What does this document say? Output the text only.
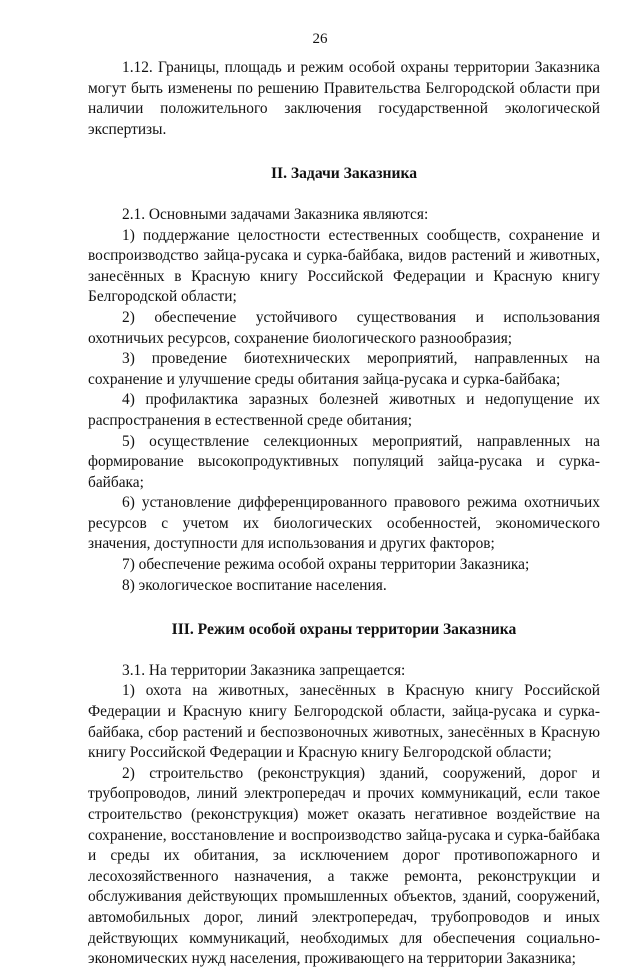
26

1.12. Границы, площадь и режим особой охраны территории Заказника могут быть изменены по решению Правительства Белгородской области при наличии положительного заключения государственной экологической экспертизы.

II. Задачи Заказника

2.1. Основными задачами Заказника являются:

1) поддержание целостности естественных сообществ, сохранение и воспроизводство зайца-русака и сурка-байбака, видов растений и животных, занесённых в Красную книгу Российской Федерации и Красную книгу Белгородской области;

2) обеспечение устойчивого существования и использования охотничьих ресурсов, сохранение биологического разнообразия;

3) проведение биотехнических мероприятий, направленных на сохранение и улучшение среды обитания зайца-русака и сурка-байбака;

4) профилактика заразных болезней животных и недопущение их распространения в естественной среде обитания;

5) осуществление селекционных мероприятий, направленных на формирование высокопродуктивных популяций зайца-русака и сурка-байбака;

6) установление дифференцированного правового режима охотничьих ресурсов с учетом их биологических особенностей, экономического значения, доступности для использования и других факторов;

7) обеспечение режима особой охраны территории Заказника;

8) экологическое воспитание населения.

III. Режим особой охраны территории Заказника

3.1. На территории Заказника запрещается:

1) охота на животных, занесённых в Красную книгу Российской Федерации и Красную книгу Белгородской области, зайца-русака и сурка-байбака, сбор растений и беспозвоночных животных, занесённых в Красную книгу Российской Федерации и Красную книгу Белгородской области;

2) строительство (реконструкция) зданий, сооружений, дорог и трубопроводов, линий электропередач и прочих коммуникаций, если такое строительство (реконструкция) может оказать негативное воздействие на сохранение, восстановление и воспроизводство зайца-русака и сурка-байбака и среды их обитания, за исключением дорог противопожарного и лесохозяйственного назначения, а также ремонта, реконструкции и обслуживания действующих промышленных объектов, зданий, сооружений, автомобильных дорог, линий электропередач, трубопроводов и иных действующих коммуникаций, необходимых для обеспечения социально-экономических нужд населения, проживающего на территории Заказника;
